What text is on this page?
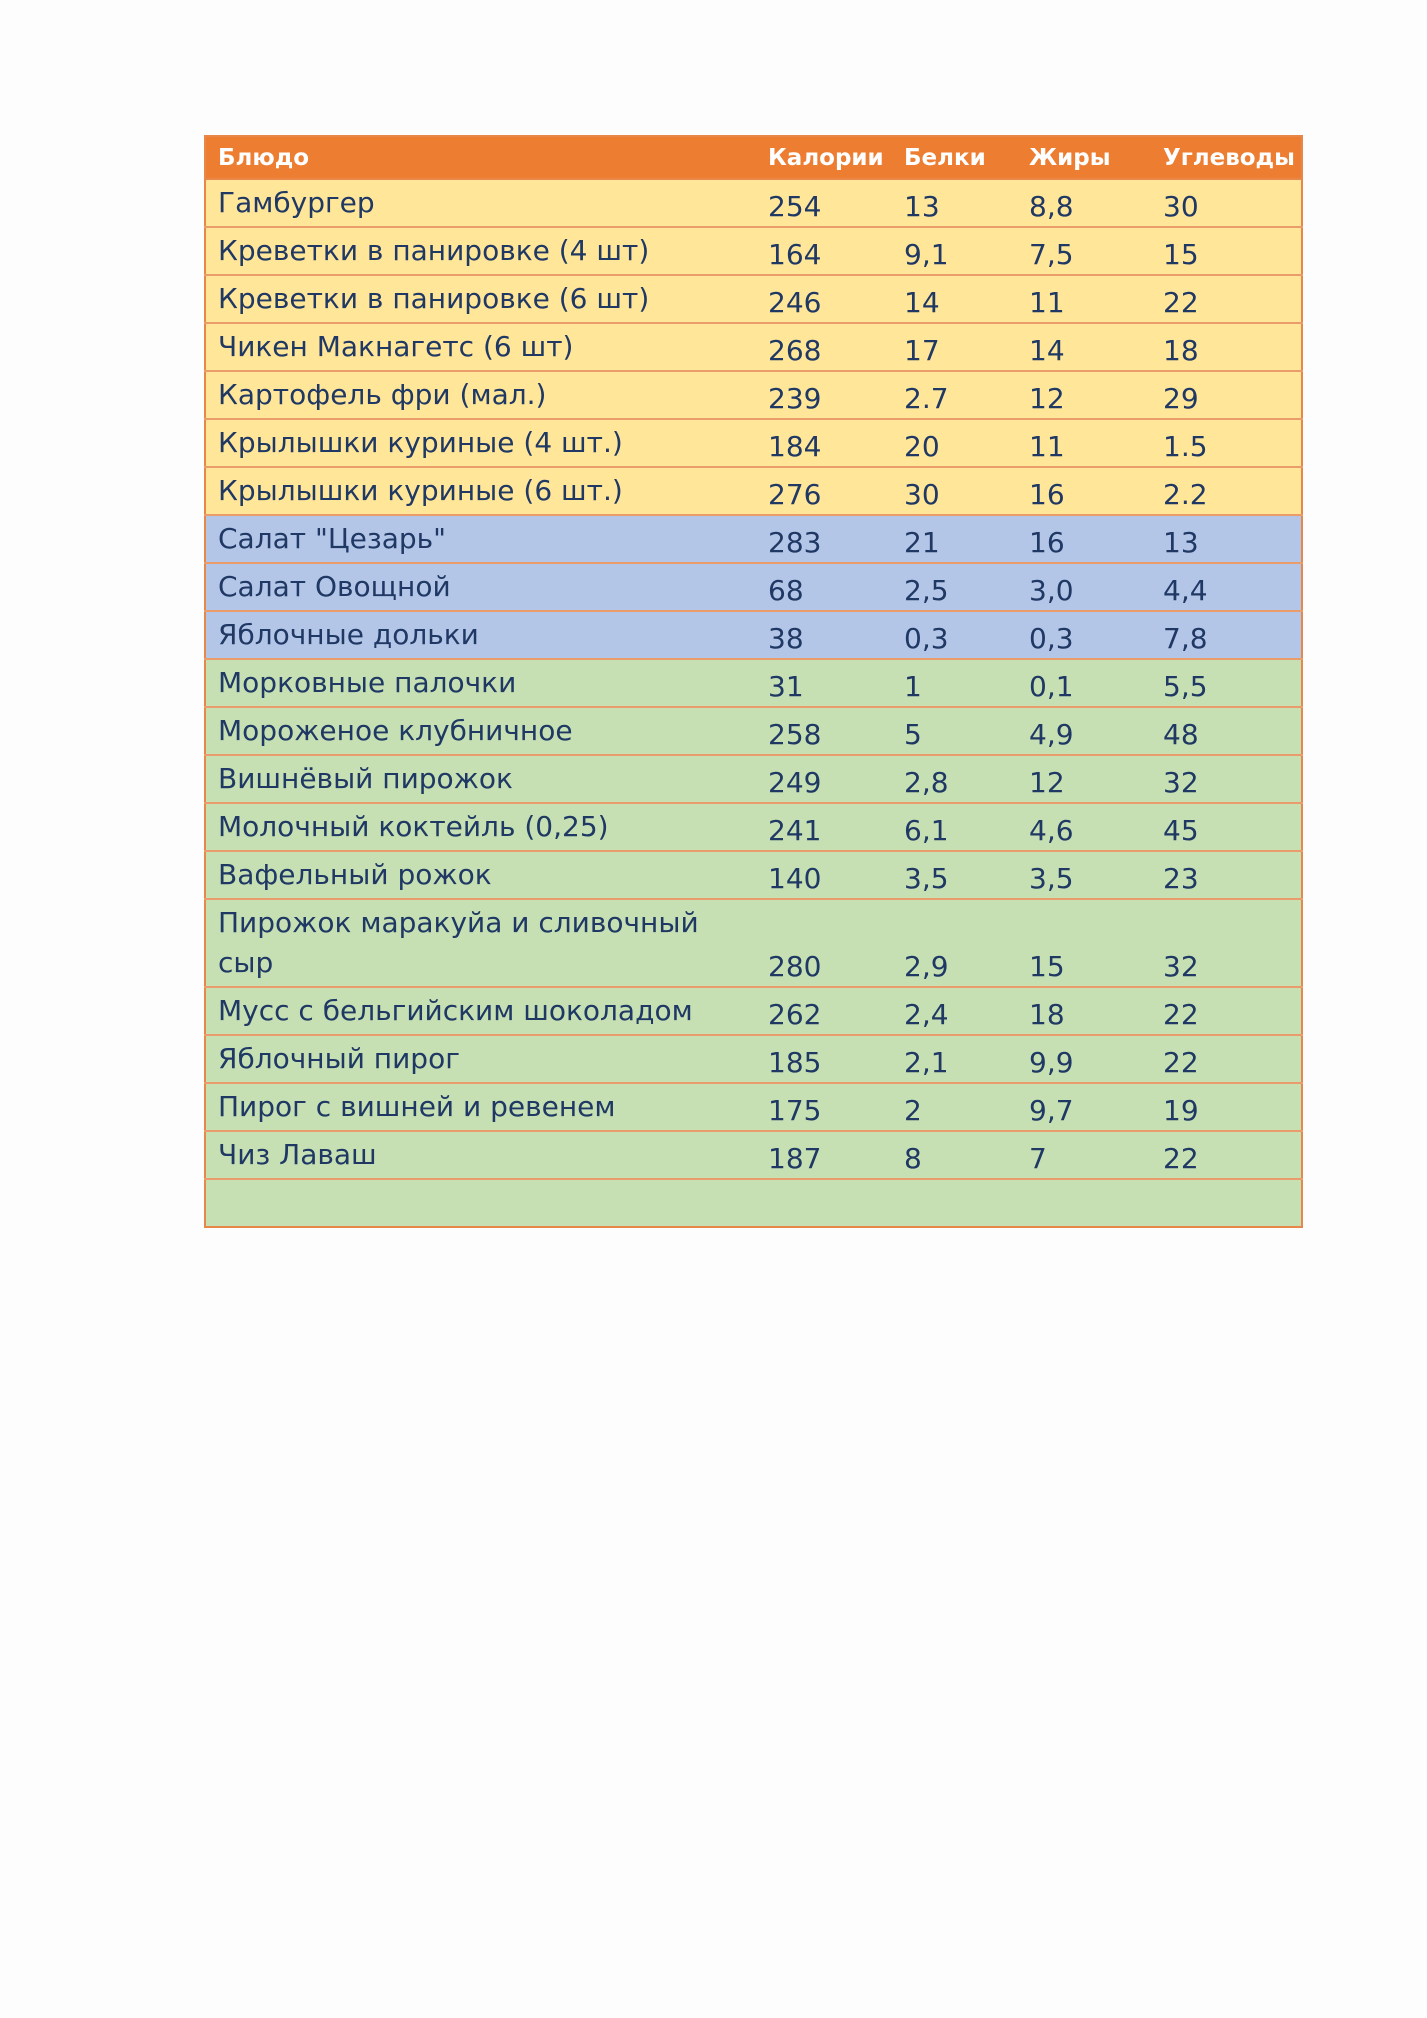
Блюдо	Калории	Белки	Жиры	Углеводы
Гамбургер	254	13	8,8	30
Креветки в панировке (4 шт)	164	9,1	7,5	15
Креветки в панировке (6 шт)	246	14	11	22
Чикен Макнагетс (6 шт)	268	17	14	18
Картофель фри (мал.)	239	2.7	12	29
Крылышки куриные (4 шт.)	184	20	11	1.5
Крылышки куриные (6 шт.)	276	30	16	2.2
Салат "Цезарь"	283	21	16	13
Салат Овощной	68	2,5	3,0	4,4
Яблочные дольки	38	0,3	0,3	7,8
Морковные палочки	31	1	0,1	5,5
Мороженое клубничное	258	5	4,9	48
Вишнёвый пирожок	249	2,8	12	32
Молочный коктейль (0,25)	241	6,1	4,6	45
Вафельный рожок	140	3,5	3,5	23
Пирожок маракуйа и сливочный сыр	280	2,9	15	32
Мусс с бельгийским шоколадом	262	2,4	18	22
Яблочный пирог	185	2,1	9,9	22
Пирог с вишней и ревенем	175	2	9,7	19
Чиз Лаваш	187	8	7	22
